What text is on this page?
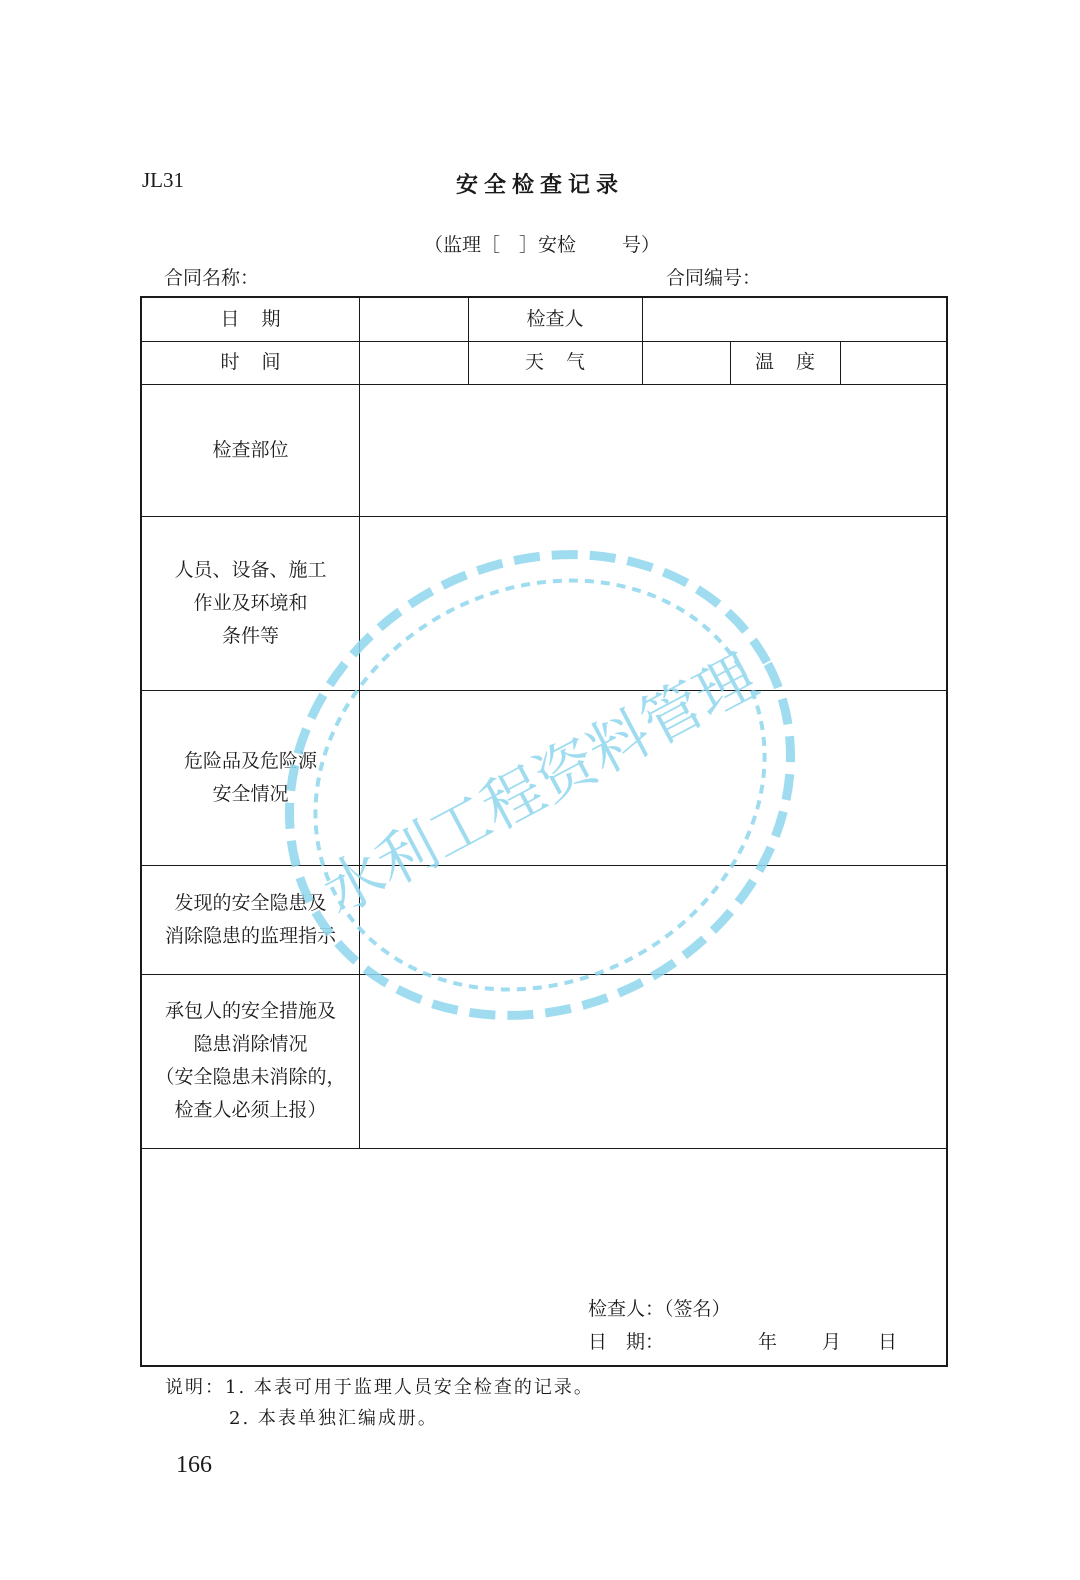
JL31	安全检查记录
（监理［　］安检 号）
合同名称：	合同编号：
日期	检查人
时间	天气	温度
检查部位
人员、设备、施工
作业及环境和
条件等
危险品及危险源
安全情况
发现的安全隐患及
消除隐患的监理指示
承包人的安全措施及
隐患消除情况
（安全隐患未消除的，
检查人必须上报）
检查人：（签名）
日　期：	年	月	日
说明：1. 本表可用于监理人员安全检查的记录。
2. 本表单独汇编成册。
166
水利工程资料管理
